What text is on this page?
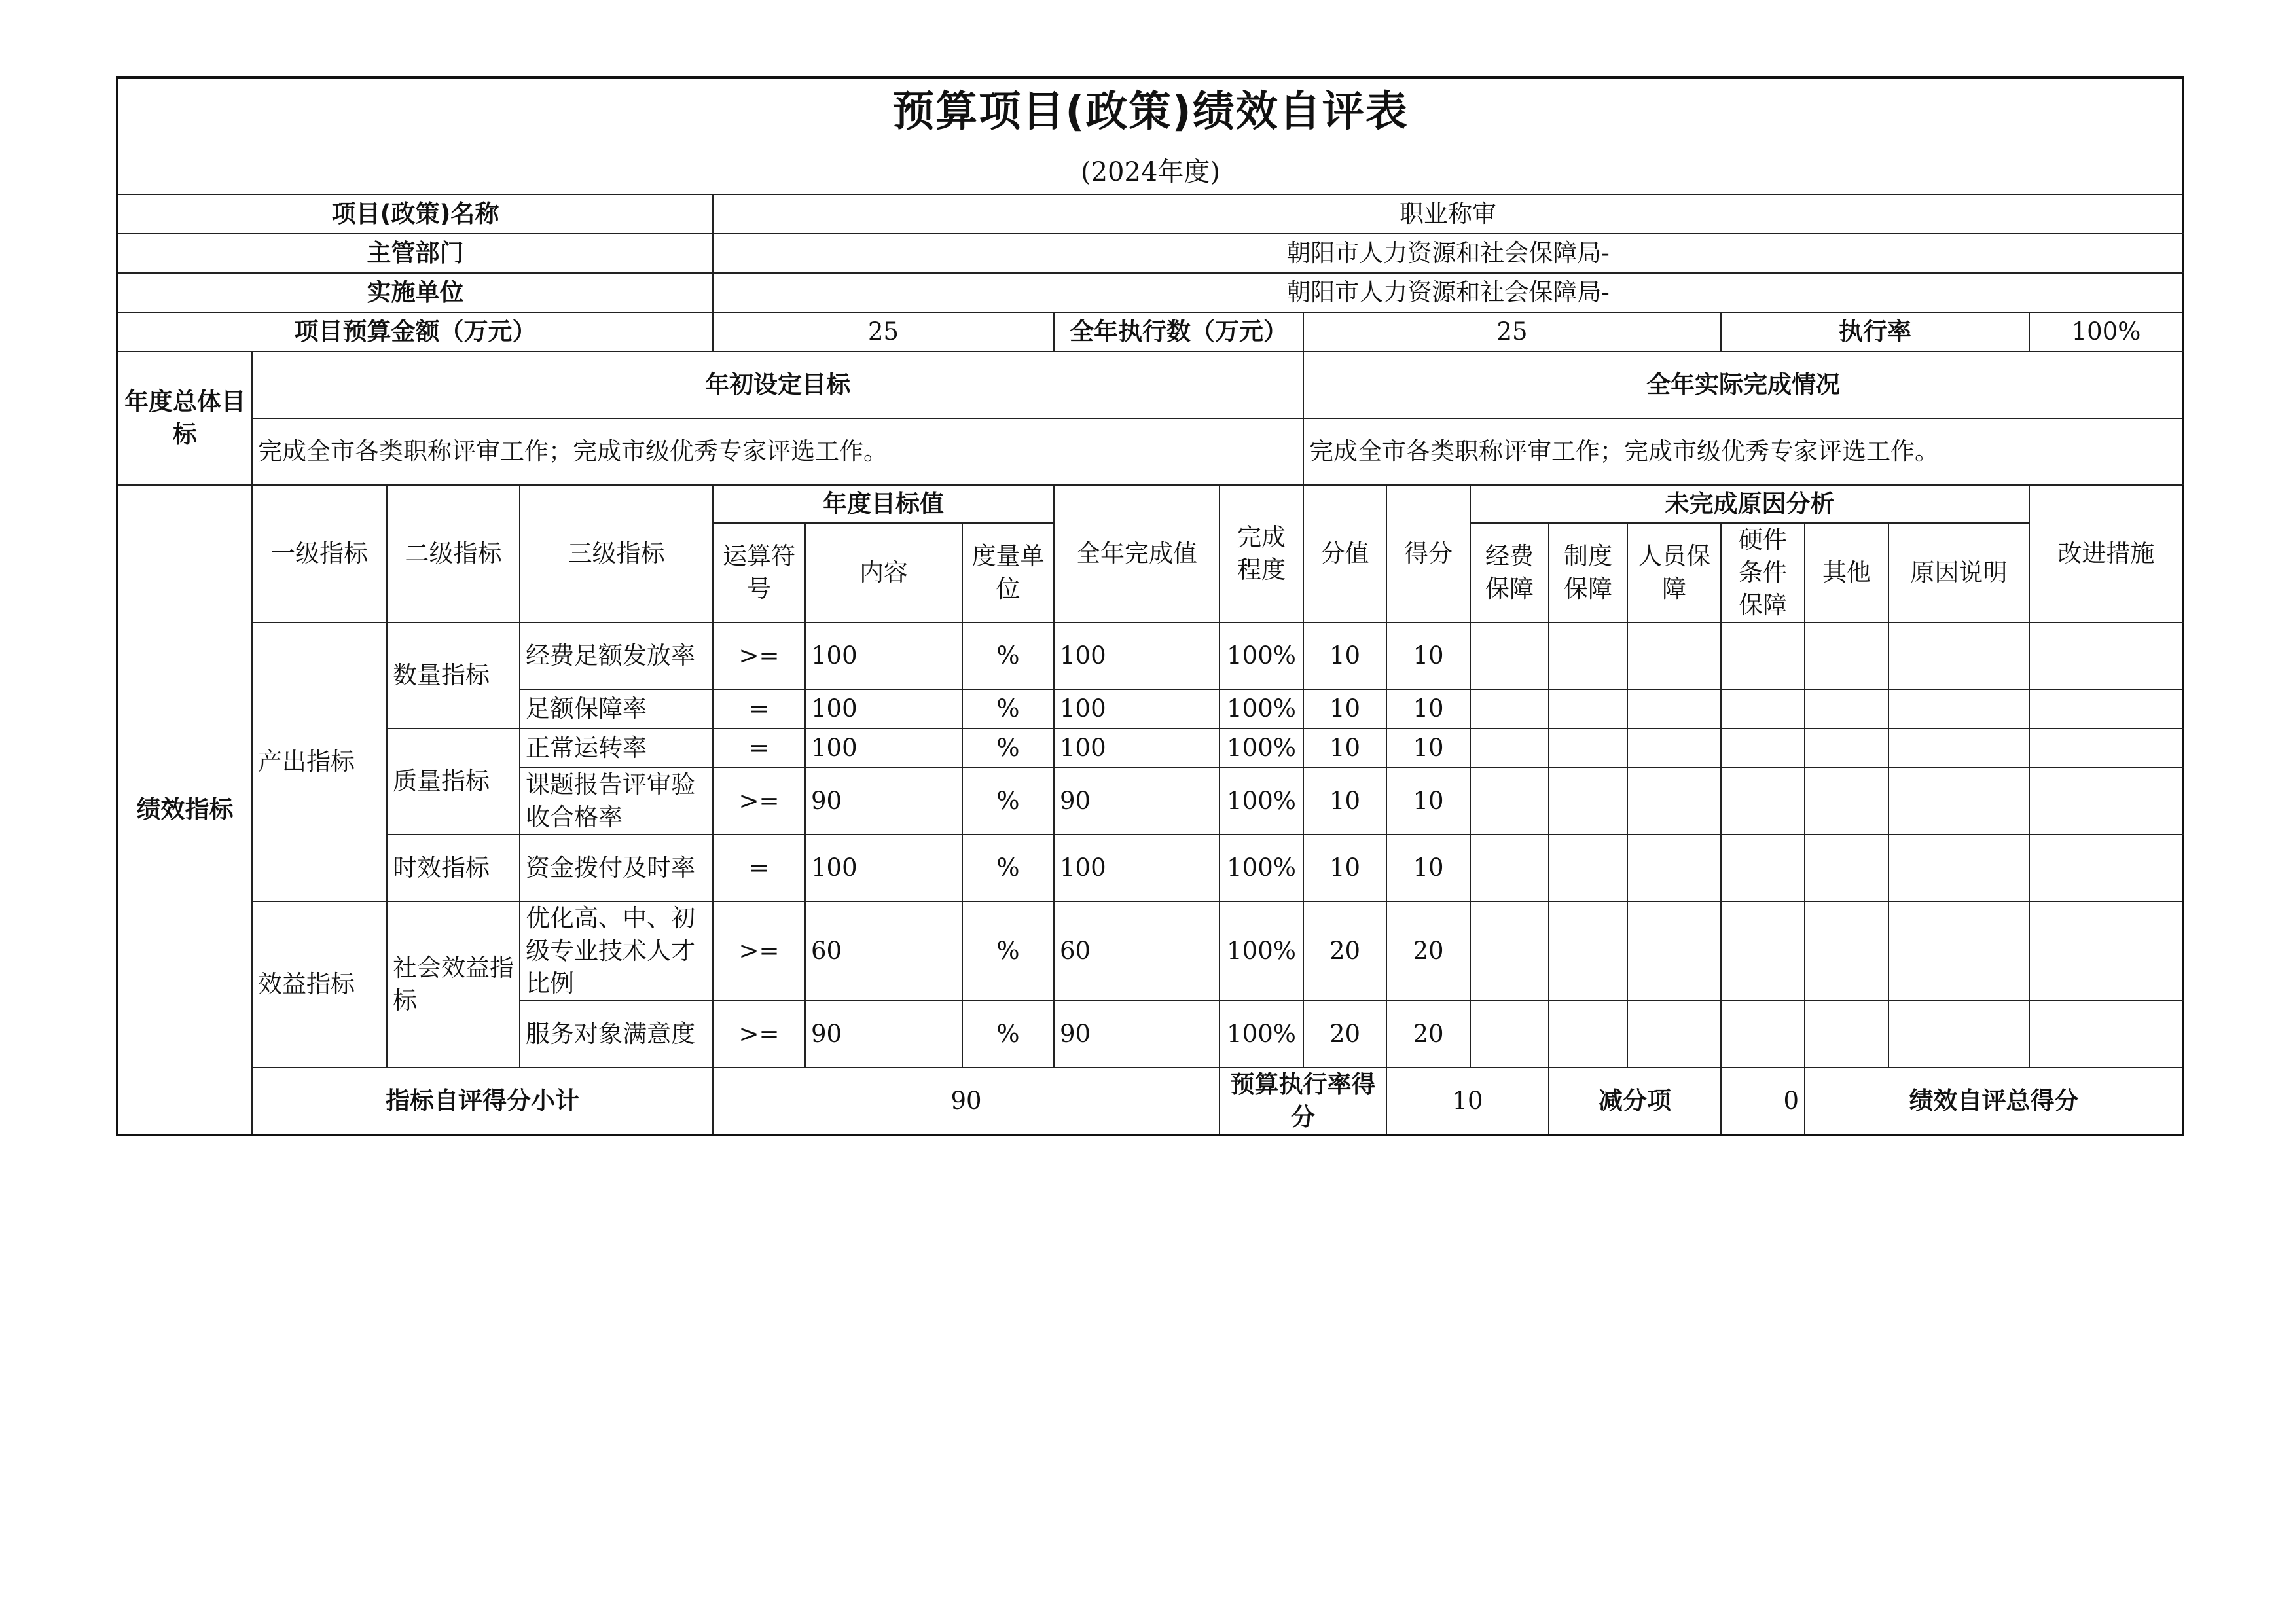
预算项目(政策)绩效自评表																		
(2024年度)																		
项目(政策)名称				职业称审														
主管部门				朝阳市人力资源和社会保障局-														
实施单位				朝阳市人力资源和社会保障局-														
项目预算金额（万元）				25			全年执行数（万元）		25					执行率			100%	
年度总体目标	年初设定目标								全年实际完成情况									
	完成全市各类职称评审工作；完成市级优秀专家评选工作。								完成全市各类职称评审工作；完成市级优秀专家评选工作。									
绩效指标	一级指标	二级指标	三级指标	年度目标值			全年完成值	完成程度	分值	得分	未完成原因分析						改进措施	
				运算符号	内容	度量单位					经费保障	制度保障	人员保障	硬件条件保障	其他	原因说明		
	产出指标	数量指标	经费足额发放率	>=	100	%	100	100%	10	10								
			足额保障率	=	100	%	100	100%	10	10								
		质量指标	正常运转率	=	100	%	100	100%	10	10								
			课题报告评审验收合格率	>=	90	%	90	100%	10	10								
		时效指标	资金拨付及时率	=	100	%	100	100%	10	10								
	效益指标	社会效益指标	优化高、中、初级专业技术人才比例	>=	60	%	60	100%	20	20								
			服务对象满意度	>=	90	%	90	100%	20	20								
	指标自评得分小计			90				预算执行率得分		10		减分项		0	绩效自评总得分	
